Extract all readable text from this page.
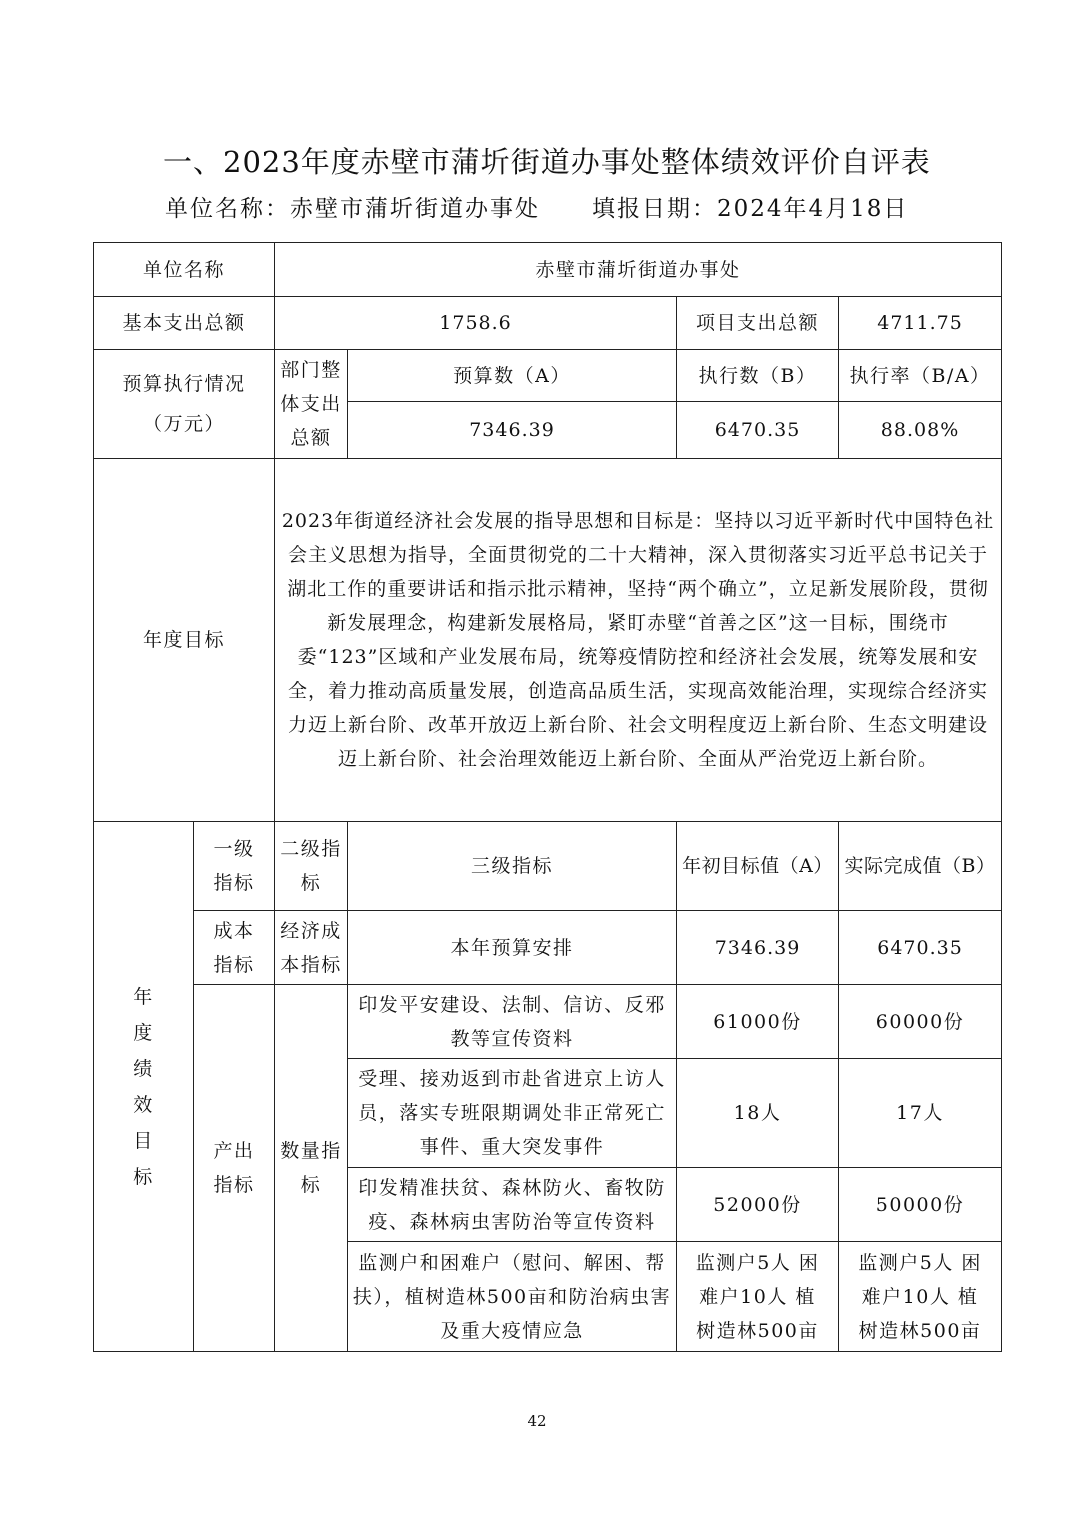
一、2023年度赤壁市蒲圻街道办事处整体绩效评价自评表
单位名称：赤壁市蒲圻街道办事处 填报日期：2024年4月18日
单位名称		赤壁市蒲圻街道办事处			
基本支出总额		1758.6		项目支出总额	4711.75
预算执行情况（万元）		部门整体支出总额	预算数（A）	执行数（B）	执行率（B/A）
			7346.39	6470.35	88.08%
年度目标		2023年街道经济社会发展的指导思想和目标是：坚持以习近平新时代中国特色社会主义思想为指导，全面贯彻党的二十大精神，深入贯彻落实习近平总书记关于湖北工作的重要讲话和指示批示精神，坚持“两个确立”，立足新发展阶段，贯彻新发展理念，构建新发展格局，紧盯赤壁“首善之区”这一目标，围绕市委“123”区域和产业发展布局，统筹疫情防控和经济社会发展，统筹发展和安全，着力推动高质量发展，创造高品质生活，实现高效能治理，实现综合经济实力迈上新台阶、改革开放迈上新台阶、社会文明程度迈上新台阶、生态文明建设迈上新台阶、社会治理效能迈上新台阶、全面从严治党迈上新台阶。			
年度绩效目标	一级指标	二级指标	三级指标	年初目标值（A）	实际完成值（B）
	成本指标	经济成本指标	本年预算安排	7346.39	6470.35
	产出指标	数量指标	印发平安建设、法制、信访、反邪教等宣传资料	61000份	60000份
			受理、接劝返到市赴省进京上访人员，落实专班限期调处非正常死亡事件、重大突发事件	18人	17人
			印发精准扶贫、森林防火、畜牧防疫、森林病虫害防治等宣传资料	52000份	50000份
			监测户和困难户（慰问、解困、帮扶），植树造林500亩和防治病虫害及重大疫情应急	监测户5人 困难户10人 植树造林500亩	监测户5人 困难户10人 植树造林500亩
42
